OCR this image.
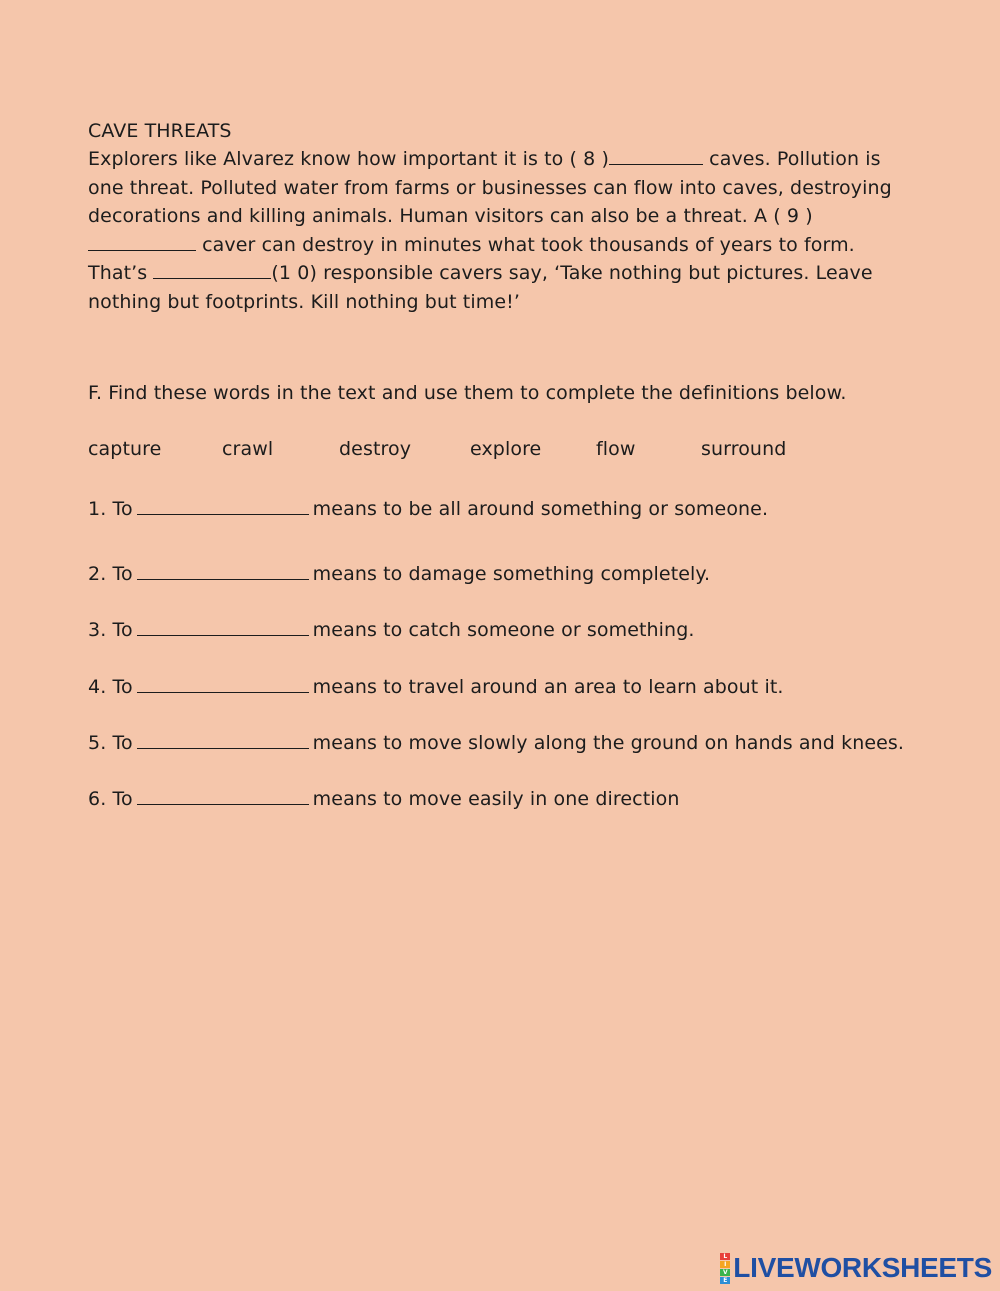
CAVE THREATS
Explorers like Alvarez know how important it is to ( 8 )	caves. Pollution is
one threat. Polluted water from farms or businesses can flow into caves, destroying
decorations and killing animals. Human visitors can also be a threat. A ( 9 )
caver can destroy in minutes what took thousands of years to form.
That’s	(1 0) responsible cavers say, ‘Take nothing but pictures. Leave
nothing but footprints. Kill nothing but time!’
F. Find these words in the text and use them to complete the definitions below.
capture	crawl	destroy	explore	flow	surround
1. To	means to be all around something or someone.
2. To	means to damage something completely.
3. To	means to catch someone or something.
4. To	means to travel around an area to learn about it.
5. To	means to move slowly along the ground on hands and knees.
6. To	means to move easily in one direction
L
I
V
E LIVEWORKSHEETS
